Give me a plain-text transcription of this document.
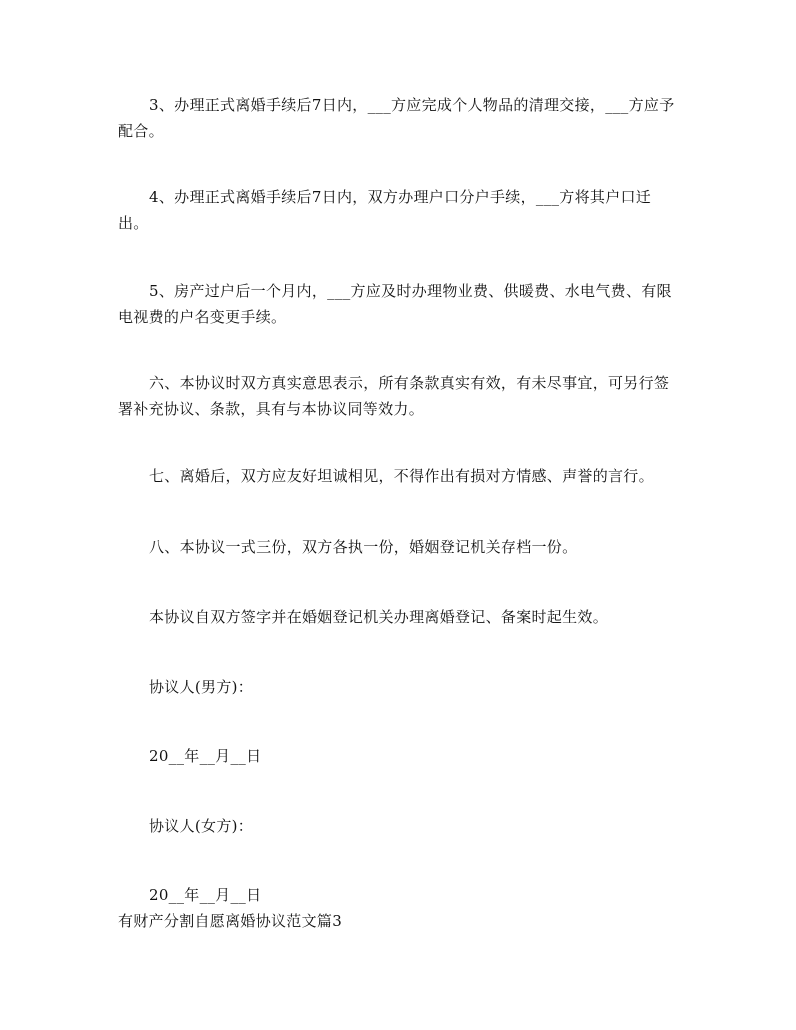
3、办理正式离婚手续后7日内，___方应完成个人物品的清理交接，___方应予配合。

4、办理正式离婚手续后7日内，双方办理户口分户手续，___方将其户口迁出。

5、房产过户后一个月内，___方应及时办理物业费、供暖费、水电气费、有限电视费的户名变更手续。

六、本协议时双方真实意思表示，所有条款真实有效，有未尽事宜，可另行签署补充协议、条款，具有与本协议同等效力。

七、离婚后，双方应友好坦诚相见，不得作出有损对方情感、声誉的言行。

八、本协议一式三份，双方各执一份，婚姻登记机关存档一份。

本协议自双方签字并在婚姻登记机关办理离婚登记、备案时起生效。

协议人(男方)：

20__年__月__日

协议人(女方)：

20__年__月__日

有财产分割自愿离婚协议范文篇3
